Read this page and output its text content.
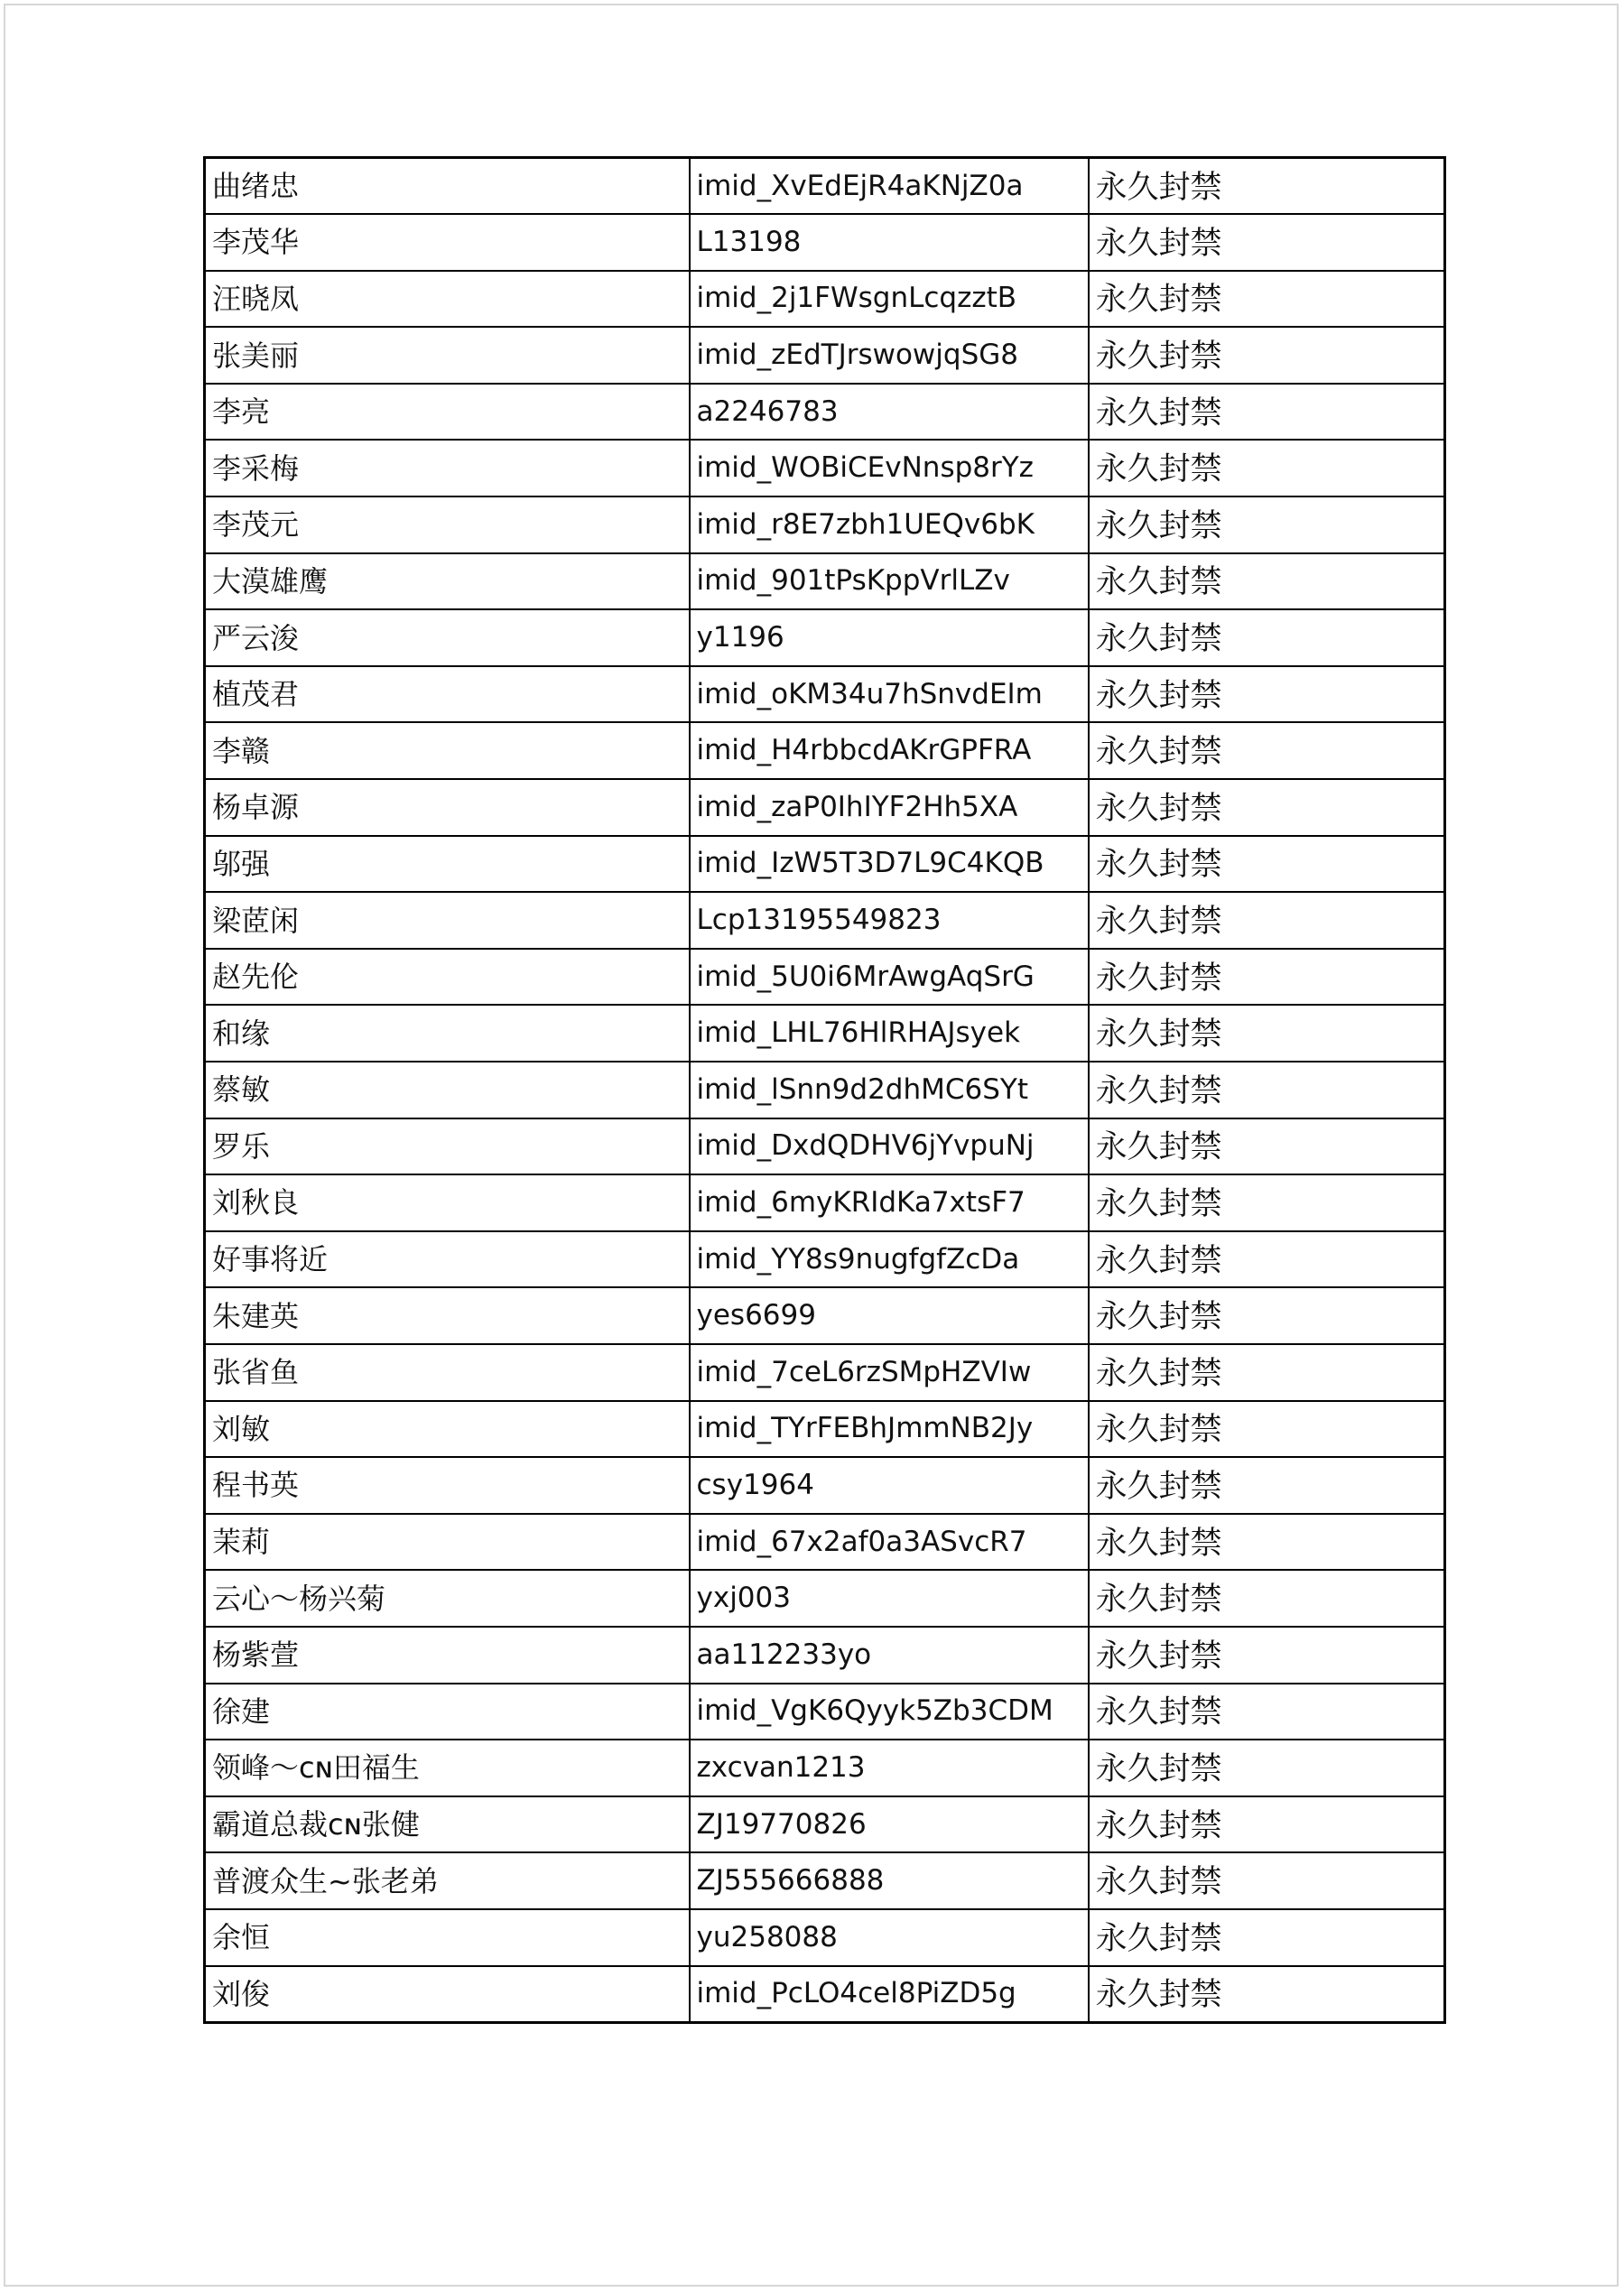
曲绪忠	imid_XvEdEjR4aKNjZ0a	永久封禁
李茂华	L13198	永久封禁
汪晓凤	imid_2j1FWsgnLcqzztB	永久封禁
张美丽	imid_zEdTJrswowjqSG8	永久封禁
李亮	a2246783	永久封禁
李采梅	imid_WOBiCEvNnsp8rYz	永久封禁
李茂元	imid_r8E7zbh1UEQv6bK	永久封禁
大漠雄鹰	imid_901tPsKppVrlLZv	永久封禁
严云浚	y1196	永久封禁
植茂君	imid_oKM34u7hSnvdEIm	永久封禁
李赣	imid_H4rbbcdAKrGPFRA	永久封禁
杨卓源	imid_zaP0IhIYF2Hh5XA	永久封禁
邬强	imid_IzW5T3D7L9C4KQB	永久封禁
梁茝闲	Lcp13195549823	永久封禁
赵先伦	imid_5U0i6MrAwgAqSrG	永久封禁
和缘	imid_LHL76HlRHAJsyek	永久封禁
蔡敏	imid_lSnn9d2dhMC6SYt	永久封禁
罗乐	imid_DxdQDHV6jYvpuNj	永久封禁
刘秋良	imid_6myKRIdKa7xtsF7	永久封禁
好事将近	imid_YY8s9nugfgfZcDa	永久封禁
朱建英	yes6699	永久封禁
张省鱼	imid_7ceL6rzSMpHZVIw	永久封禁
刘敏	imid_TYrFEBhJmmNB2Jy	永久封禁
程书英	csy1964	永久封禁
茉莉	imid_67x2af0a3ASvcR7	永久封禁
云心～杨兴菊	yxj003	永久封禁
杨紫萱	aa112233yo	永久封禁
徐建	imid_VgK6Qyyk5Zb3CDM	永久封禁
领峰～ᴄɴ田福生	zxcvan1213	永久封禁
霸道总裁ᴄɴ张健	ZJ19770826	永久封禁
普渡众生~张老弟	ZJ555666888	永久封禁
余恒	yu258088	永久封禁
刘俊	imid_PcLO4cel8PiZD5g	永久封禁
